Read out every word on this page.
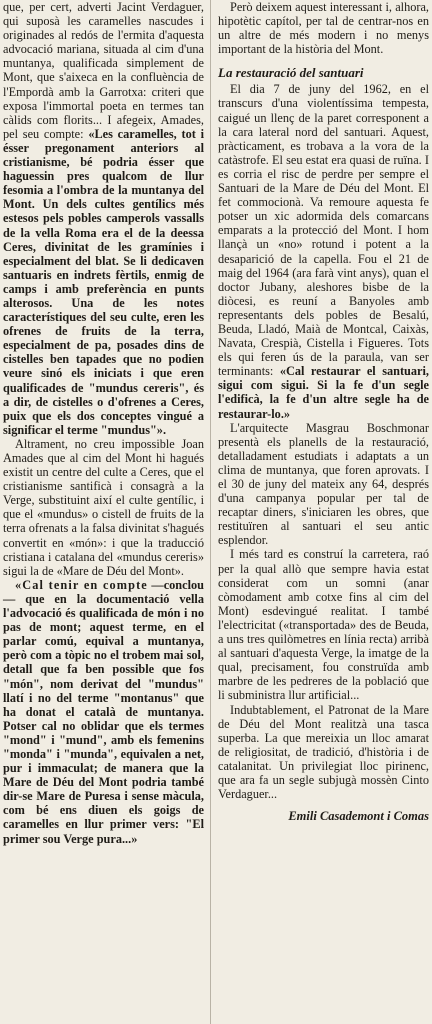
que, per cert, adverti Jacint Verdaguer, qui suposà les caramelles nascudes i originades al redós de l'ermita d'aquesta advocació mariana, situada al cim d'una muntanya, qualificada simplement de Mont, que s'aixeca en la confluència de l'Empordà amb la Garrotxa: criteri que exposa l'immortal poeta en termes tan càlids com florits... I afegeix, Amades, pel seu compte: «Les caramelles, tot i ésser pregonament anteriors al cristianisme, bé podria ésser que haguessin pres qualcom de llur fesomia a l'ombra de la muntanya del Mont. Un dels cultes gentílics més estesos pels pobles camperols vassalls de la vella Roma era el de la deessa Ceres, divinitat de les gramínies i especialment del blat. Se li dedicaven santuaris en indrets fèrtils, enmig de camps i amb preferència en punts alterosos. Una de les notes característiques del seu culte, eren les ofrenes de fruits de la terra, especialment de pa, posades dins de cistelles ben tapades que no podien veure sinó els iniciats i que eren qualificades de "mundus cereris", és a dir, de cistelles o d'ofrenes a Ceres, puix que els dos conceptes vingué a significar el terme "mundus"».

Altrament, no creu impossible Joan Amades que al cim del Mont hi hagués existit un centre del culte a Ceres, que el cristianisme santificà i consagrà a la Verge, substituint així el culte gentílic, i que el «mundus» o cistell de fruits de la terra ofrenats a la falsa divinitat s'hagués convertit en «món»: i que la traducció cristiana i catalana del «mundus cereris» sigui la de «Mare de Déu del Mont».

«Cal tenir en compte —conclou— que en la documentació vella l'advocació és qualificada de món i no pas de mont; aquest terme, en el parlar comú, equival a muntanya, però com a tòpic no el trobem mai sol, detall que fa ben possible que fos "món", nom derivat del "mundus" llatí i no del terme "montanus" que ha donat el català de muntanya. Potser cal no oblidar que els termes "mond" i "mund", amb els femenins "monda" i "munda", equivalen a net, pur i immaculat; de manera que la Mare de Déu del Mont podria també dir-se Mare de Puresa i sense màcula, com bé ens diuen els goigs de caramelles en llur primer vers: "El primer sou Verge pura...»

Però deixem aquest interessant i, alhora, hipotètic capítol, per tal de centrar-nos en un altre de més modern i no menys important de la història del Mont.

La restauració del santuari

El dia 7 de juny del 1962, en el transcurs d'una violentíssima tempesta, caigué un llenç de la paret corresponent a la cara lateral nord del santuari. Aquest, pràcticament, es trobava a la vora de la catàstrofe. El seu estat era quasi de ruïna. I es corria el risc de perdre per sempre el Santuari de la Mare de Déu del Mont. El fet commocionà. Va remoure aquesta fe potser un xic adormida dels comarcans emparats a la protecció del Mont. I hom llançà un «no» rotund i potent a la desaparició de la capella. Fou el 21 de maig del 1964 (ara farà vint anys), quan el doctor Jubany, aleshores bisbe de la diòcesi, es reuní a Banyoles amb representants dels pobles de Besalú, Beuda, Lladó, Maià de Montcal, Caixàs, Navata, Crespià, Cistella i Figueres. Tots els qui feren ús de la paraula, van ser terminants: «Cal restaurar el santuari, sigui com sigui. Si la fe d'un segle l'edificà, la fe d'un altre segle ha de restaurar-lo.»

L'arquitecte Masgrau Boschmonar presentà els planells de la restauració, detalladament estudiats i adaptats a un clima de muntanya, que foren aprovats. I el 30 de juny del mateix any 64, després d'una campanya popular per tal de recaptar diners, s'iniciaren les obres, que restituïren al santuari el seu antic esplendor.

I més tard es construí la carretera, raó per la qual allò que sempre havia estat considerat com un somni (anar còmodament amb cotxe fins al cim del Mont) esdevingué realitat. I també l'electricitat («transportada» des de Beuda, a uns tres quilòmetres en línia recta) arribà al santuari d'aquesta Verge, la imatge de la qual, precisament, fou construïda amb marbre de les pedreres de la població que li subministra llur artificial...

Indubtablement, el Patronat de la Mare de Déu del Mont realitzà una tasca superba. La que mereixia un lloc amarat de religiositat, de tradició, d'història i de catalanitat. Un privilegiat lloc pirinenc, que ara fa un segle subjugà mossèn Cinto Verdaguer...

Emili Casademont i Comas
